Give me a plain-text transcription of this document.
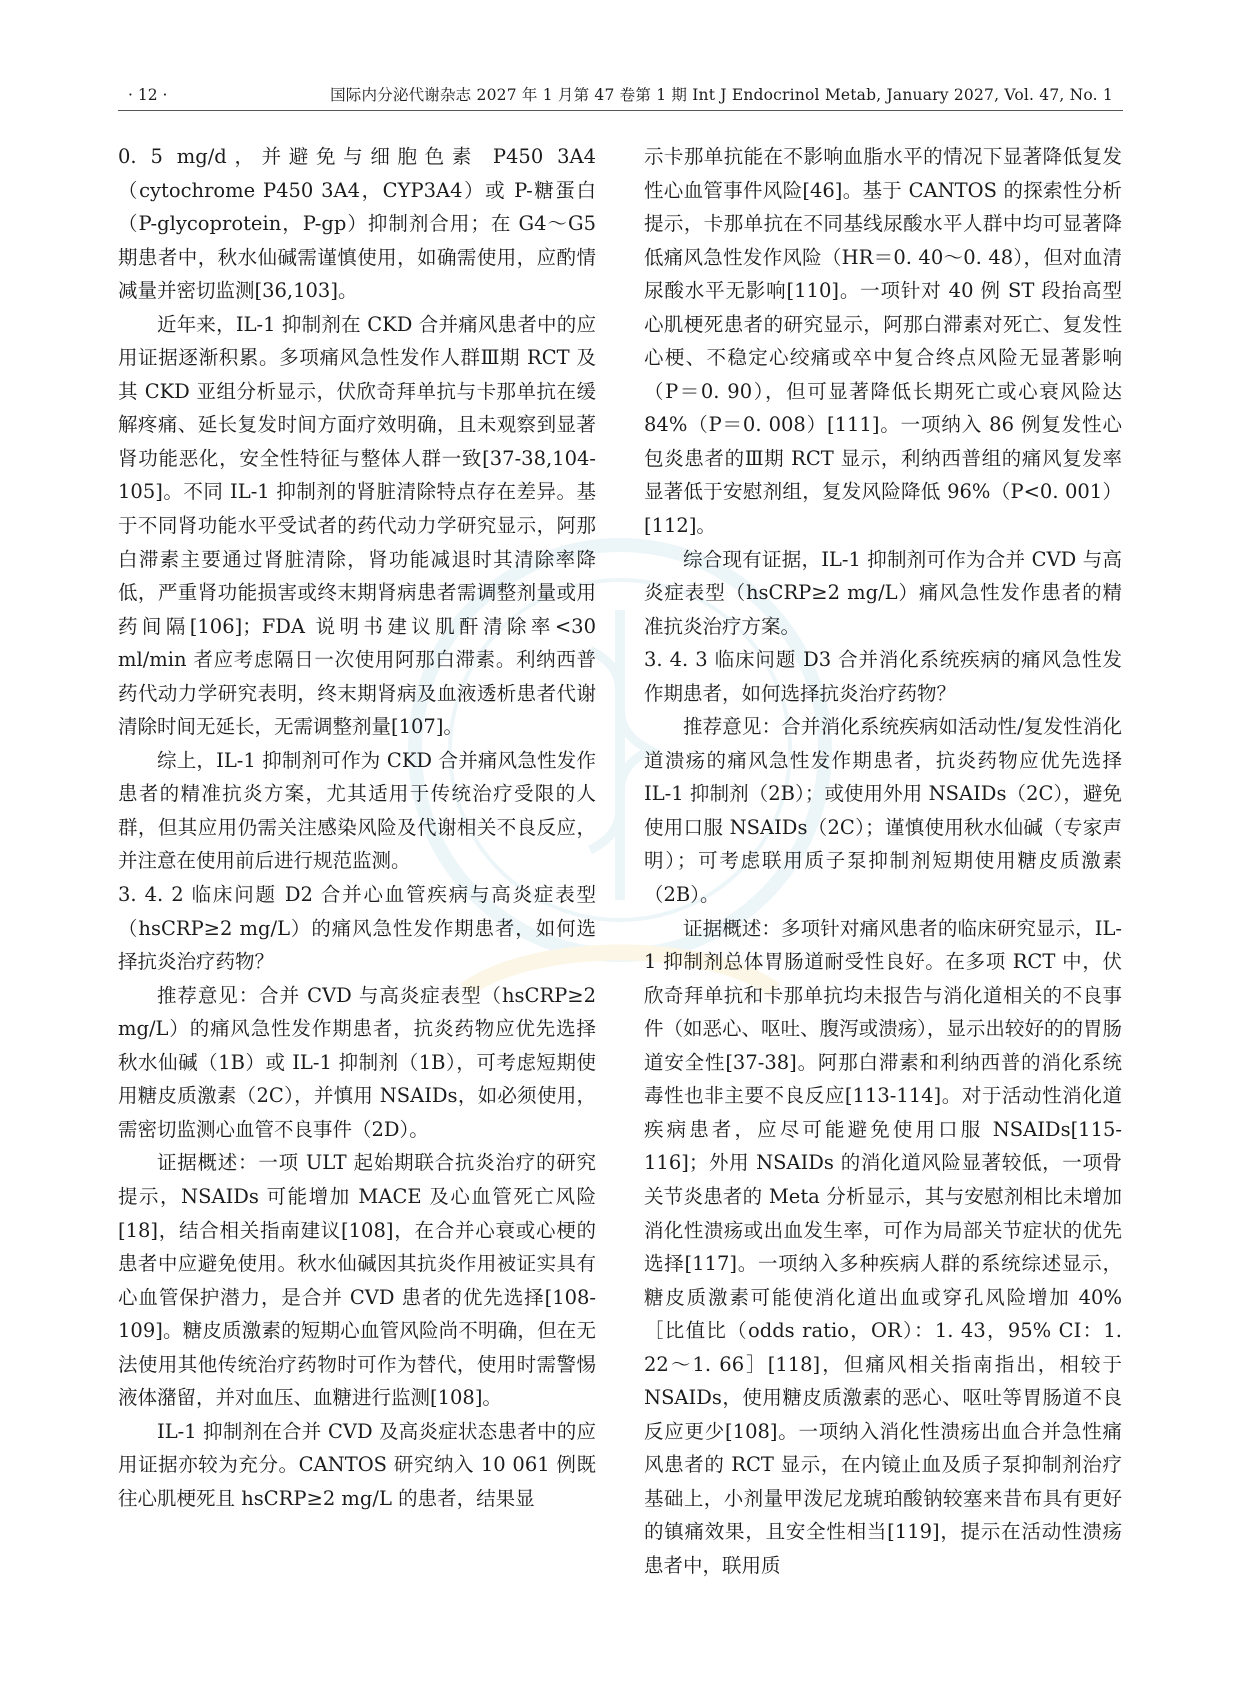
· 12 ·	国际内分泌代谢杂志 2027 年 1 月第 47 卷第 1 期 Int J Endocrinol Metab, January 2027, Vol. 47, No. 1

0. 5 mg/d，并避免与细胞色素 P450 3A4（cytochrome P450 3A4，CYP3A4）或 P-糖蛋白（P-glycoprotein，P-gp）抑制剂合用；在 G4～G5 期患者中，秋水仙碱需谨慎使用，如确需使用，应酌情减量并密切监测[36,103]。

近年来，IL-1 抑制剂在 CKD 合并痛风患者中的应用证据逐渐积累。多项痛风急性发作人群Ⅲ期 RCT 及其 CKD 亚组分析显示，伏欣奇拜单抗与卡那单抗在缓解疼痛、延长复发时间方面疗效明确，且未观察到显著肾功能恶化，安全性特征与整体人群一致[37-38,104-105]。不同 IL-1 抑制剂的肾脏清除特点存在差异。基于不同肾功能水平受试者的药代动力学研究显示，阿那白滞素主要通过肾脏清除，肾功能减退时其清除率降低，严重肾功能损害或终末期肾病患者需调整剂量或用药间隔[106]；FDA 说明书建议肌酐清除率<30 ml/min 者应考虑隔日一次使用阿那白滞素。利纳西普药代动力学研究表明，终末期肾病及血液透析患者代谢清除时间无延长，无需调整剂量[107]。

综上，IL-1 抑制剂可作为 CKD 合并痛风急性发作患者的精准抗炎方案，尤其适用于传统治疗受限的人群，但其应用仍需关注感染风险及代谢相关不良反应，并注意在使用前后进行规范监测。

3. 4. 2 临床问题 D2 合并心血管疾病与高炎症表型（hsCRP≥2 mg/L）的痛风急性发作期患者，如何选择抗炎治疗药物？

推荐意见：合并 CVD 与高炎症表型（hsCRP≥2 mg/L）的痛风急性发作期患者，抗炎药物应优先选择秋水仙碱（1B）或 IL-1 抑制剂（1B），可考虑短期使用糖皮质激素（2C），并慎用 NSAIDs，如必须使用，需密切监测心血管不良事件（2D）。

证据概述：一项 ULT 起始期联合抗炎治疗的研究提示，NSAIDs 可能增加 MACE 及心血管死亡风险[18]，结合相关指南建议[108]，在合并心衰或心梗的患者中应避免使用。秋水仙碱因其抗炎作用被证实具有心血管保护潜力，是合并 CVD 患者的优先选择[108-109]。糖皮质激素的短期心血管风险尚不明确，但在无法使用其他传统治疗药物时可作为替代，使用时需警惕液体潴留，并对血压、血糖进行监测[108]。

IL-1 抑制剂在合并 CVD 及高炎症状态患者中的应用证据亦较为充分。CANTOS 研究纳入 10 061 例既往心肌梗死且 hsCRP≥2 mg/L 的患者，结果显

示卡那单抗能在不影响血脂水平的情况下显著降低复发性心血管事件风险[46]。基于 CANTOS 的探索性分析提示，卡那单抗在不同基线尿酸水平人群中均可显著降低痛风急性发作风险（HR＝0. 40～0. 48），但对血清尿酸水平无影响[110]。一项针对 40 例 ST 段抬高型心肌梗死患者的研究显示，阿那白滞素对死亡、复发性心梗、不稳定心绞痛或卒中复合终点风险无显著影响（P＝0. 90），但可显著降低长期死亡或心衰风险达 84%（P＝0. 008）[111]。一项纳入 86 例复发性心包炎患者的Ⅲ期 RCT 显示，利纳西普组的痛风复发率显著低于安慰剂组，复发风险降低 96%（P<0. 001）[112]。

综合现有证据，IL-1 抑制剂可作为合并 CVD 与高炎症表型（hsCRP≥2 mg/L）痛风急性发作患者的精准抗炎治疗方案。

3. 4. 3 临床问题 D3 合并消化系统疾病的痛风急性发作期患者，如何选择抗炎治疗药物？

推荐意见：合并消化系统疾病如活动性/复发性消化道溃疡的痛风急性发作期患者，抗炎药物应优先选择 IL-1 抑制剂（2B）；或使用外用 NSAIDs（2C），避免使用口服 NSAIDs（2C）；谨慎使用秋水仙碱（专家声明）；可考虑联用质子泵抑制剂短期使用糖皮质激素（2B）。

证据概述：多项针对痛风患者的临床研究显示，IL-1 抑制剂总体胃肠道耐受性良好。在多项 RCT 中，伏欣奇拜单抗和卡那单抗均未报告与消化道相关的不良事件（如恶心、呕吐、腹泻或溃疡），显示出较好的的胃肠道安全性[37-38]。阿那白滞素和利纳西普的消化系统毒性也非主要不良反应[113-114]。对于活动性消化道疾病患者，应尽可能避免使用口服 NSAIDs[115-116]；外用 NSAIDs 的消化道风险显著较低，一项骨关节炎患者的 Meta 分析显示，其与安慰剂相比未增加消化性溃疡或出血发生率，可作为局部关节症状的优先选择[117]。一项纳入多种疾病人群的系统综述显示，糖皮质激素可能使消化道出血或穿孔风险增加 40%［比值比（odds ratio，OR）：1. 43，95% CI：1. 22～1. 66］[118]，但痛风相关指南指出，相较于 NSAIDs，使用糖皮质激素的恶心、呕吐等胃肠道不良反应更少[108]。一项纳入消化性溃疡出血合并急性痛风患者的 RCT 显示，在内镜止血及质子泵抑制剂治疗基础上，小剂量甲泼尼龙琥珀酸钠较塞来昔布具有更好的镇痛效果，且安全性相当[119]，提示在活动性溃疡患者中，联用质
